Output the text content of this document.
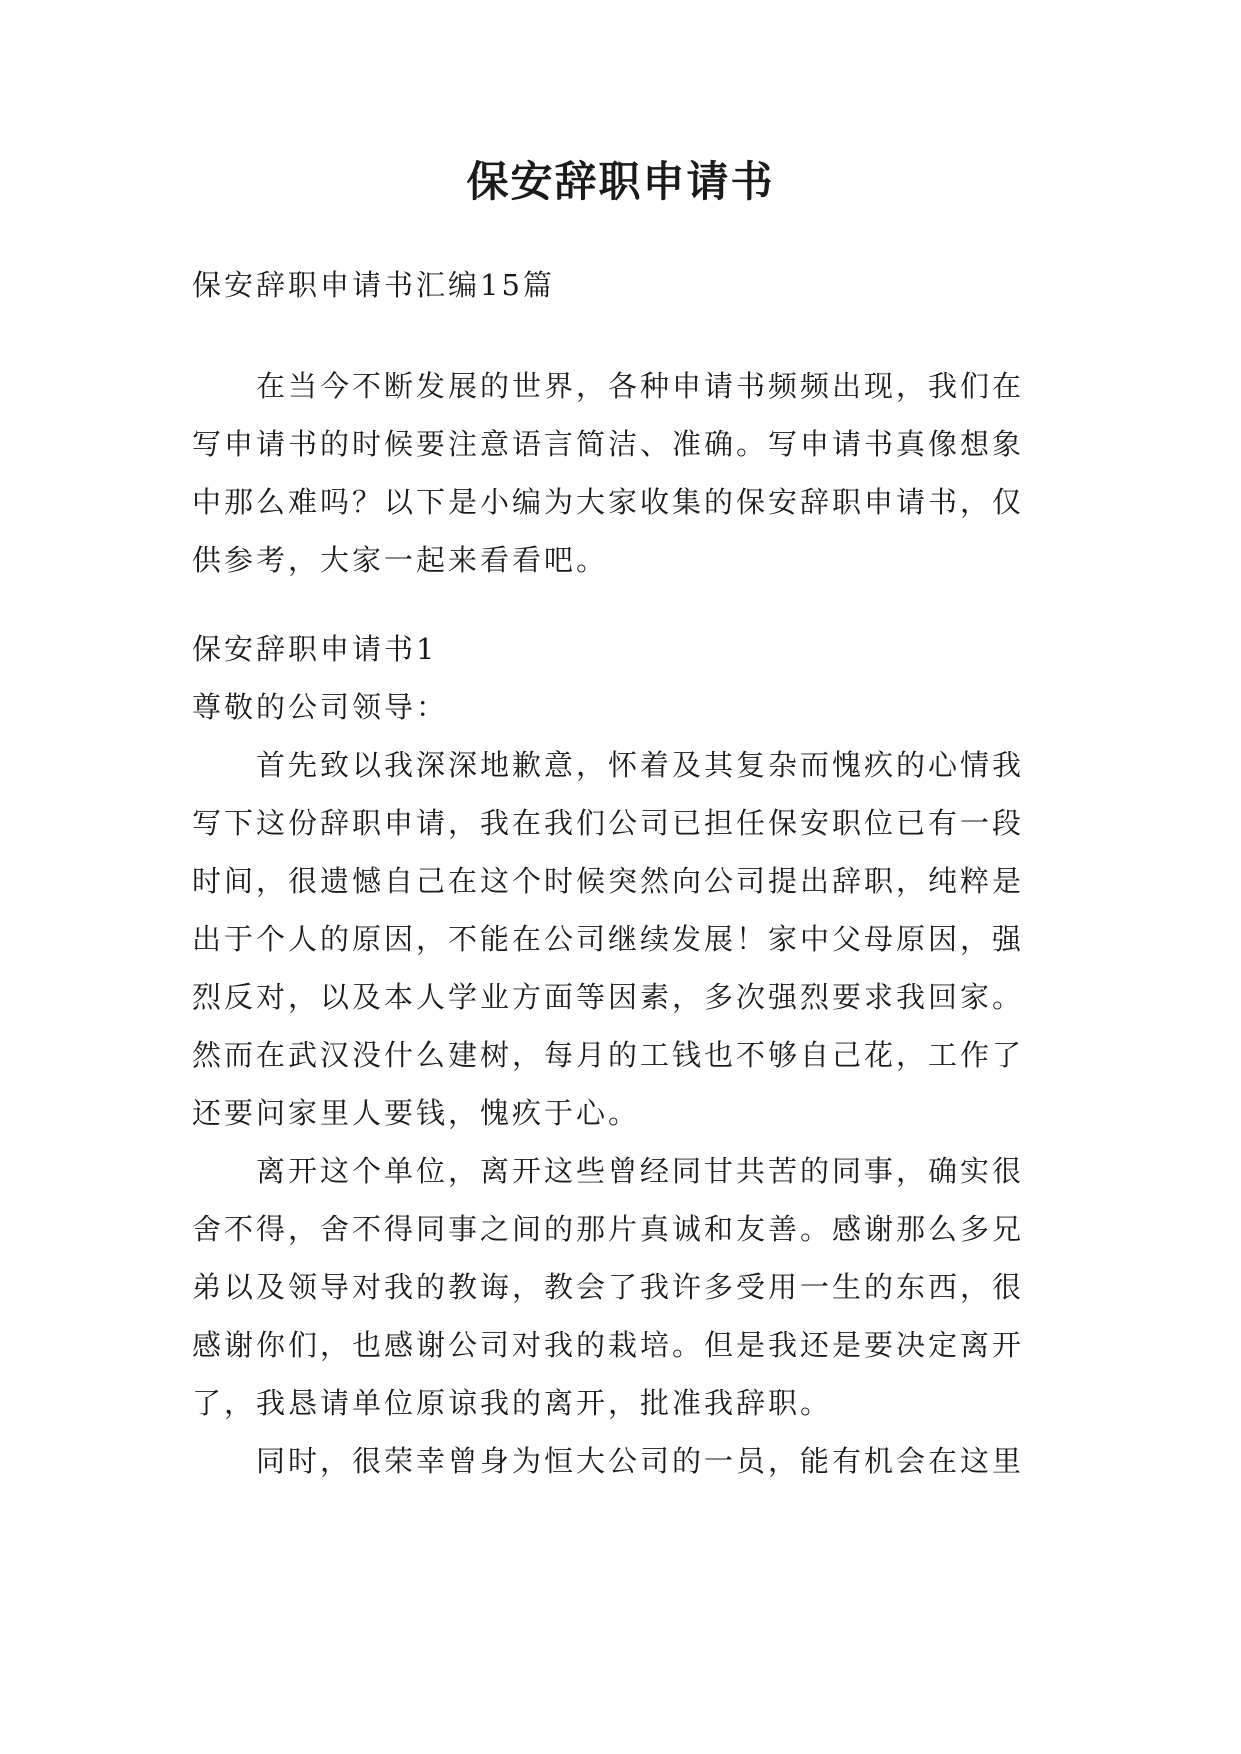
保安辞职申请书
保安辞职申请书汇编15篇
　　在当今不断发展的世界，各种申请书频频出现，我们在
写申请书的时候要注意语言简洁、准确。写申请书真像想象
中那么难吗？以下是小编为大家收集的保安辞职申请书，仅
供参考，大家一起来看看吧。
保安辞职申请书1
尊敬的公司领导：
　　首先致以我深深地歉意，怀着及其复杂而愧疚的心情我
写下这份辞职申请，我在我们公司已担任保安职位已有一段
时间，很遗憾自己在这个时候突然向公司提出辞职，纯粹是
出于个人的原因，不能在公司继续发展！家中父母原因，强
烈反对，以及本人学业方面等因素，多次强烈要求我回家。
然而在武汉没什么建树，每月的工钱也不够自己花，工作了
还要问家里人要钱，愧疚于心。
　　离开这个单位，离开这些曾经同甘共苦的同事，确实很
舍不得，舍不得同事之间的那片真诚和友善。感谢那么多兄
弟以及领导对我的教诲，教会了我许多受用一生的东西，很
感谢你们，也感谢公司对我的栽培。但是我还是要决定离开
了，我恳请单位原谅我的离开，批准我辞职。
　　同时，很荣幸曾身为恒大公司的一员，能有机会在这里
